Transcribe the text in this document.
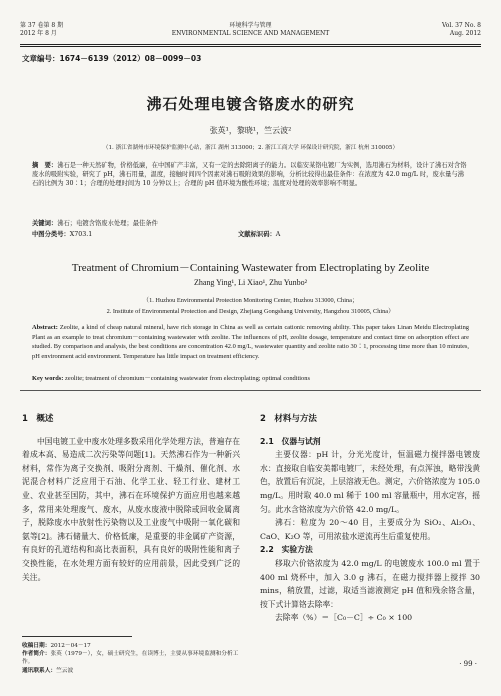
第 37 卷第 8 期
2012 年 8 月
环境科学与管理
ENVIRONMENTAL SCIENCE AND MANAGEMENT
Vol. 37 No. 8
Aug. 2012
文章编号：1674－6139（2012）08－0099－03
沸石处理电镀含铬废水的研究
张英¹，黎晓¹，竺云波²
（1. 浙江省湖州市环境保护监测中心站，浙江 湖州 313000；2. 浙江工商大学 环保设计研究院，浙江 杭州 310005）
摘　要：沸石是一种天然矿物，价格低廉，在中国矿产丰富，又有一定的去除阳离子的能力。以临安某铬电镀厂为实例，选用沸石为材料，设计了沸石对含铬废水的吸附实验，研究了 pH，沸石用量，温度，接触时间四个因素对沸石吸附效果的影响，分析比较得出最佳条件：在浓度为 42.0 mg/L 时，废水量与沸石的比例为 30∶1；合理的处理时间为 10 分钟以上；合理的 pH 值环境为酸性环境；温度对处理的效率影响不明显。
关键词：沸石；电镀含铬废水处理；最佳条件
中图分类号：X703.1	文献标识码：A
Treatment of Chromium－Containing Wastewater from Electroplating by Zeolite
Zhang Ying¹, Li Xiao¹, Zhu Yunbo²
（1. Huzhou Environmental Protection Monitoring Center, Huzhou 313000, China；
2. Institute of Environmental Protection and Design, Zhejiang Gongshang University, Hangzhou 310005, China）
Abstract: Zeolite, a kind of cheap natural mineral, have rich storage in China as well as certain cationic removing ability. This paper takes Linan Meidu Electroplating Plant as an example to treat chromium－containing wastewater with zeolite. The influences of pH, zeolite dosage, temperature and contact time on adsorption effect are studied. By comparison and analysis, the best conditions are concentration 42.0 mg/L, wastewater quantity and zeolite ratio 30∶1, processing time more than 10 minutes, pH environment acid environment. Temperature has little impact on treatment efficiency.
Key words: zeolite; treatment of chromium－containing wastewater from electroplating; optimal conditions
1　概述
中国电镀工业中废水处理多数采用化学处理方法，普遍存在着成本高、易造成二次污染等问题[1]。天然沸石作为一种新兴材料，常作为离子交换剂、吸附分离剂、干燥剂、催化剂、水泥混合材料广泛应用于石油、化学工业、轻工行业、建材工业、农业甚至国防，其中，沸石在环境保护方面应用也越来越多，常用来处理废气、废水，从废水废液中脱除或回收金属离子，脱除废水中放射性污染物以及工业废气中吸附一氧化碳和氨等[2]。沸石储量大、价格低廉，是重要的非金属矿产资源，有良好的孔道结构和高比表面积，具有良好的吸附性能和离子交换性能，在水处理方面有较好的应用前景，因此受到广泛的关注。
收稿日期：2012－04－17
作者简介：张英（1979－），女，硕士研究生，在读博士，主要从事环境监测和分析工作。
通讯联系人：竺云波
2　材料与方法
2.1　仪器与试剂
主要仪器：pH 计，分光光度计，恒温磁力搅拌器电镀废水：直接取自临安美都电镀厂，未经处理，有点浑浊，略带浅黄色，放置后有沉淀，上层溶液无色。测定，六价铬浓度为 105.0 mg/L。用时取 40.0 ml 稀于 100 ml 容量瓶中，用水定容，摇匀。此水含铬浓度为六价铬 42.0 mg/L。
沸石：粒度为 20～40 目，主要成分为 SiO₂、Al₂O₃、CaO、K₂O 等，可用浓盐水逆流再生后重复使用。
2.2　实验方法
移取六价铬浓度为 42.0 mg/L 的电镀废水 100.0 ml 置于 400 ml 烧杯中，加入 3.0 g 沸石，在磁力搅拌器上搅拌 30 mins，稍放置，过滤，取适当滤液测定 pH 值和残余铬含量，按下式计算铬去除率：
去除率（%）＝［C₀－C］÷ C₀ × 100
· 99 ·
